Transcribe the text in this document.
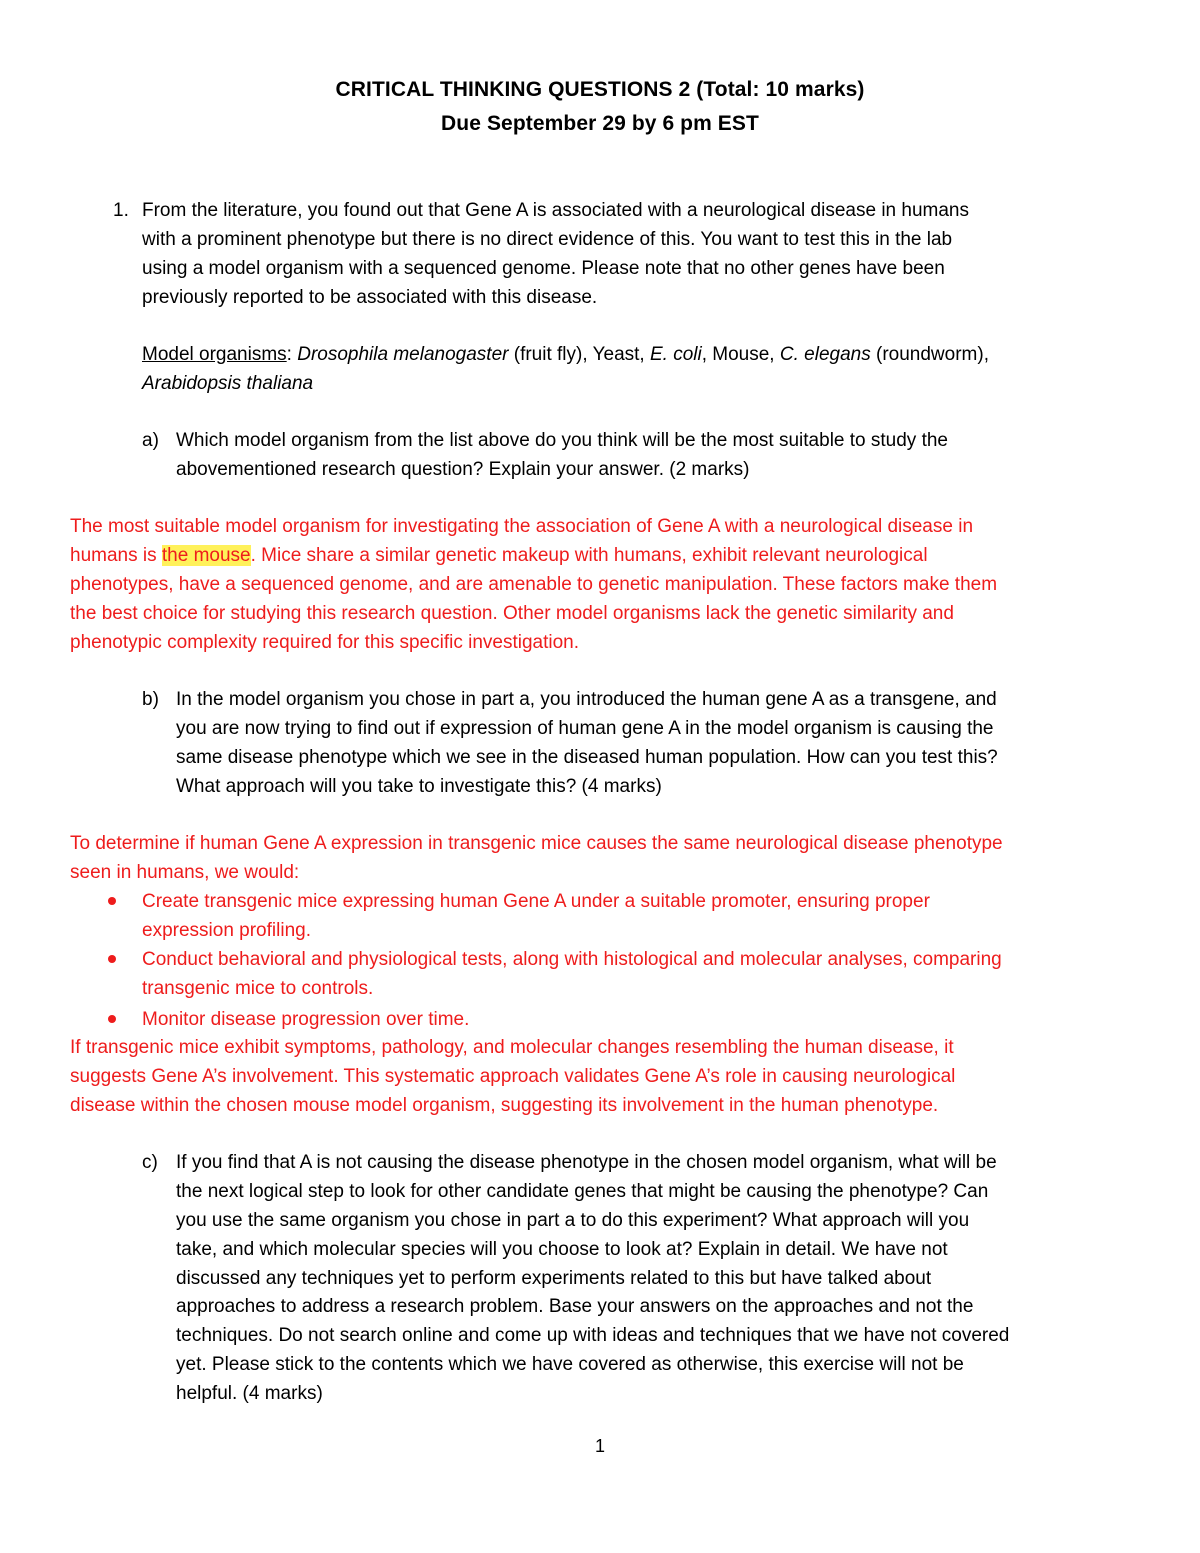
CRITICAL THINKING QUESTIONS 2 (Total: 10 marks)
Due September 29 by 6 pm EST
1. From the literature, you found out that Gene A is associated with a neurological disease in humans
with a prominent phenotype but there is no direct evidence of this. You want to test this in the lab
using a model organism with a sequenced genome. Please note that no other genes have been
previously reported to be associated with this disease.
Model organisms: Drosophila melanogaster (fruit fly), Yeast, E. coli, Mouse, C. elegans (roundworm),
Arabidopsis thaliana
a) Which model organism from the list above do you think will be the most suitable to study the
abovementioned research question? Explain your answer. (2 marks)
The most suitable model organism for investigating the association of Gene A with a neurological disease in
humans is the mouse. Mice share a similar genetic makeup with humans, exhibit relevant neurological
phenotypes, have a sequenced genome, and are amenable to genetic manipulation. These factors make them
the best choice for studying this research question. Other model organisms lack the genetic similarity and
phenotypic complexity required for this specific investigation.
b) In the model organism you chose in part a, you introduced the human gene A as a transgene, and
you are now trying to find out if expression of human gene A in the model organism is causing the
same disease phenotype which we see in the diseased human population. How can you test this?
What approach will you take to investigate this? (4 marks)
To determine if human Gene A expression in transgenic mice causes the same neurological disease phenotype
seen in humans, we would:
Create transgenic mice expressing human Gene A under a suitable promoter, ensuring proper
expression profiling.
Conduct behavioral and physiological tests, along with histological and molecular analyses, comparing
transgenic mice to controls.
Monitor disease progression over time.
If transgenic mice exhibit symptoms, pathology, and molecular changes resembling the human disease, it
suggests Gene A’s involvement. This systematic approach validates Gene A’s role in causing neurological
disease within the chosen mouse model organism, suggesting its involvement in the human phenotype.
c) If you find that A is not causing the disease phenotype in the chosen model organism, what will be
the next logical step to look for other candidate genes that might be causing the phenotype? Can
you use the same organism you chose in part a to do this experiment? What approach will you
take, and which molecular species will you choose to look at? Explain in detail. We have not
discussed any techniques yet to perform experiments related to this but have talked about
approaches to address a research problem. Base your answers on the approaches and not the
techniques. Do not search online and come up with ideas and techniques that we have not covered
yet. Please stick to the contents which we have covered as otherwise, this exercise will not be
helpful. (4 marks)
1
